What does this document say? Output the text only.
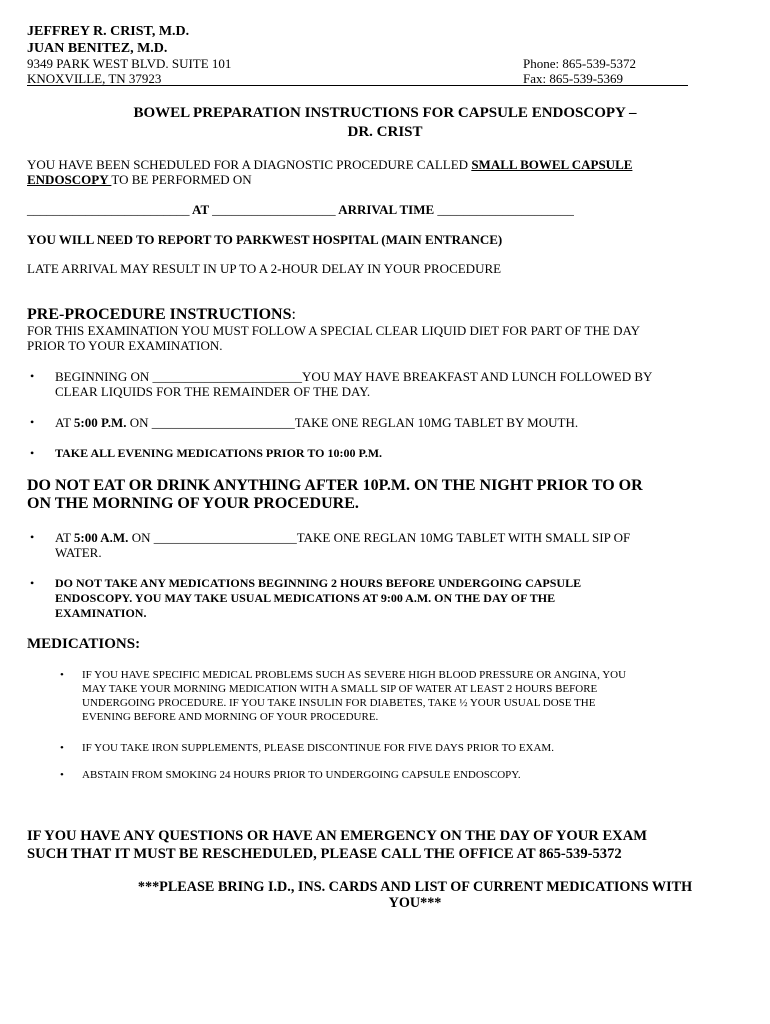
JEFFREY R. CRIST, M.D.
JUAN BENITEZ, M.D.
9349 PARK WEST BLVD. SUITE 101	Phone: 865-539-5372
KNOXVILLE, TN 37923	Fax: 865-539-5369
BOWEL PREPARATION INSTRUCTIONS FOR CAPSULE ENDOSCOPY –
DR. CRIST
YOU HAVE BEEN SCHEDULED FOR A DIAGNOSTIC PROCEDURE CALLED SMALL BOWEL CAPSULE
ENDOSCOPY TO BE PERFORMED ON
_________________________ AT ___________________ ARRIVAL TIME _____________________
YOU WILL NEED TO REPORT TO PARKWEST HOSPITAL (MAIN ENTRANCE)
LATE ARRIVAL MAY RESULT IN UP TO A 2-HOUR DELAY IN YOUR PROCEDURE
PRE-PROCEDURE INSTRUCTIONS:
FOR THIS EXAMINATION YOU MUST FOLLOW A SPECIAL CLEAR LIQUID DIET FOR PART OF THE DAY
PRIOR TO YOUR EXAMINATION.
• BEGINNING ON _______________________YOU MAY HAVE BREAKFAST AND LUNCH FOLLOWED BY
CLEAR LIQUIDS FOR THE REMAINDER OF THE DAY.
• AT 5:00 P.M. ON ______________________TAKE ONE REGLAN 10MG TABLET BY MOUTH.
• TAKE ALL EVENING MEDICATIONS PRIOR TO 10:00 P.M.
DO NOT EAT OR DRINK ANYTHING AFTER 10P.M. ON THE NIGHT PRIOR TO OR
ON THE MORNING OF YOUR PROCEDURE.
• AT 5:00 A.M. ON ______________________TAKE ONE REGLAN 10MG TABLET WITH SMALL SIP OF
WATER.
• DO NOT TAKE ANY MEDICATIONS BEGINNING 2 HOURS BEFORE UNDERGOING CAPSULE
ENDOSCOPY. YOU MAY TAKE USUAL MEDICATIONS AT 9:00 A.M. ON THE DAY OF THE
EXAMINATION.
MEDICATIONS:
• IF YOU HAVE SPECIFIC MEDICAL PROBLEMS SUCH AS SEVERE HIGH BLOOD PRESSURE OR ANGINA, YOU
MAY TAKE YOUR MORNING MEDICATION WITH A SMALL SIP OF WATER AT LEAST 2 HOURS BEFORE
UNDERGOING PROCEDURE. IF YOU TAKE INSULIN FOR DIABETES, TAKE ½ YOUR USUAL DOSE THE
EVENING BEFORE AND MORNING OF YOUR PROCEDURE.
• IF YOU TAKE IRON SUPPLEMENTS, PLEASE DISCONTINUE FOR FIVE DAYS PRIOR TO EXAM.
• ABSTAIN FROM SMOKING 24 HOURS PRIOR TO UNDERGOING CAPSULE ENDOSCOPY.
IF YOU HAVE ANY QUESTIONS OR HAVE AN EMERGENCY ON THE DAY OF YOUR EXAM
SUCH THAT IT MUST BE RESCHEDULED, PLEASE CALL THE OFFICE AT 865-539-5372
***PLEASE BRING I.D., INS. CARDS AND LIST OF CURRENT MEDICATIONS WITH
YOU***
